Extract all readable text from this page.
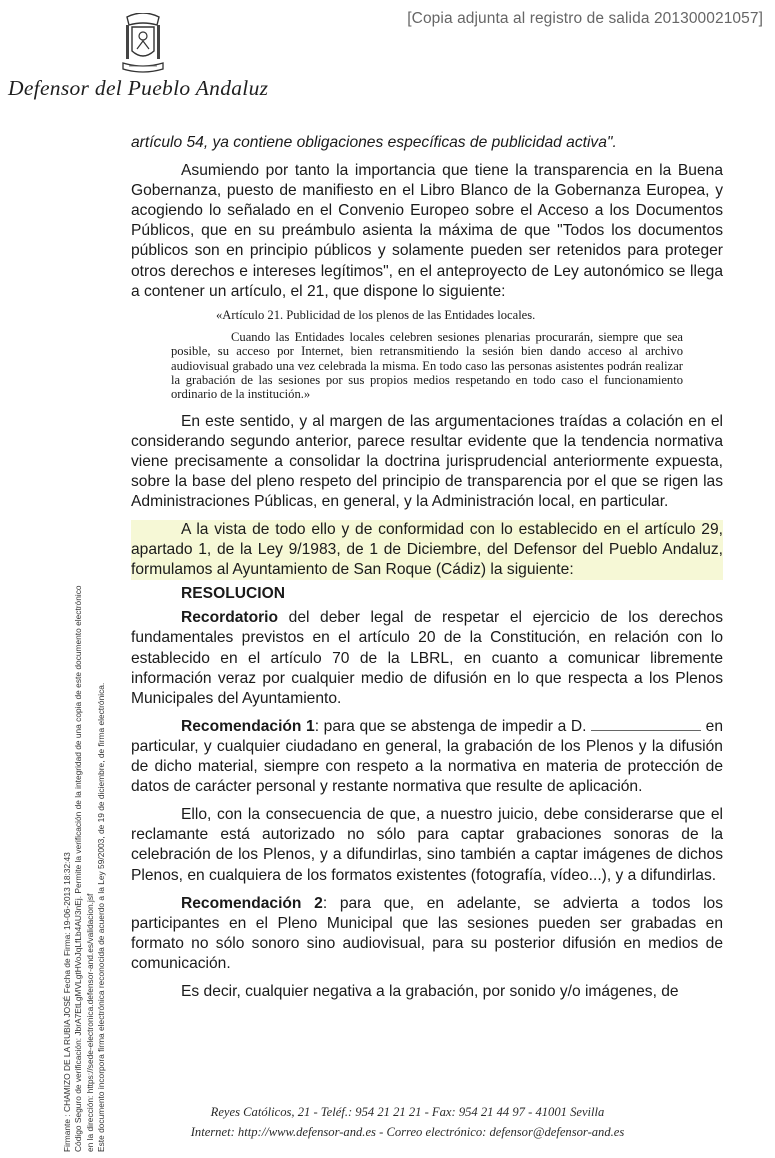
[Copia adjunta al registro de salida 201300021057]
Defensor del Pueblo Andaluz
Firmante : CHAMIZO DE LA RUBIA JOSÉ Fecha de Firma: 19-06-2013 18:32:43 Código Seguro de verificación: JbrA7EtLgMVLgtHVoJqLfLb4AU3nEj. Permite la verificación de la integridad de una copia de este documento electrónico en la dirección: https://sede-electronica.defensor-and.es/validacion.jsf Este documento incorpora firma electrónica reconocida de acuerdo a la Ley 59/2003, de 19 de diciembre, de firma electrónica.

artículo 54, ya contiene obligaciones específicas de publicidad activa".

Asumiendo por tanto la importancia que tiene la transparencia en la Buena Gobernanza, puesto de manifiesto en el Libro Blanco de la Gobernanza Europea, y acogiendo lo señalado en el Convenio Europeo sobre el Acceso a los Documentos Públicos, que en su preámbulo asienta la máxima de que "Todos los documentos públicos son en principio públicos y solamente pueden ser retenidos para proteger otros derechos e intereses legítimos", en el anteproyecto de Ley autonómico se llega a contener un artículo, el 21, que dispone lo siguiente:

«Artículo 21. Publicidad de los plenos de las Entidades locales.
Cuando las Entidades locales celebren sesiones plenarias procurarán, siempre que sea posible, su acceso por Internet, bien retransmitiendo la sesión bien dando acceso al archivo audiovisual grabado una vez celebrada la misma. En todo caso las personas asistentes podrán realizar la grabación de las sesiones por sus propios medios respetando en todo caso el funcionamiento ordinario de la institución.»

En este sentido, y al margen de las argumentaciones traídas a colación en el considerando segundo anterior, parece resultar evidente que la tendencia normativa viene precisamente a consolidar la doctrina jurisprudencial anteriormente expuesta, sobre la base del pleno respeto del principio de transparencia por el que se rigen las Administraciones Públicas, en general, y la Administración local, en particular.

A la vista de todo ello y de conformidad con lo establecido en el artículo 29, apartado 1, de la Ley 9/1983, de 1 de Diciembre, del Defensor del Pueblo Andaluz, formulamos al Ayuntamiento de San Roque (Cádiz) la siguiente:

RESOLUCION

Recordatorio del deber legal de respetar el ejercicio de los derechos fundamentales previstos en el artículo 20 de la Constitución, en relación con lo establecido en el artículo 70 de la LBRL, en cuanto a comunicar libremente información veraz por cualquier medio de difusión en lo que respecta a los Plenos Municipales del Ayuntamiento.

Recomendación 1: para que se abstenga de impedir a D.	en particular, y cualquier ciudadano en general, la grabación de los Plenos y la difusión de dicho material, siempre con respeto a la normativa en materia de protección de datos de carácter personal y restante normativa que resulte de aplicación.

Ello, con la consecuencia de que, a nuestro juicio, debe considerarse que el reclamante está autorizado no sólo para captar grabaciones sonoras de la celebración de los Plenos, y a difundirlas, sino también a captar imágenes de dichos Plenos, en cualquiera de los formatos existentes (fotografía, vídeo...), y a difundirlas.

Recomendación 2: para que, en adelante, se advierta a todos los participantes en el Pleno Municipal que las sesiones pueden ser grabadas en formato no sólo sonoro sino audiovisual, para su posterior difusión en medios de comunicación.

Es decir, cualquier negativa a la grabación, por sonido y/o imágenes, de

Reyes Católicos, 21 - Teléf.: 954 21 21 21 - Fax: 954 21 44 97 - 41001 Sevilla
Internet: http://www.defensor-and.es - Correo electrónico: defensor@defensor-and.es
